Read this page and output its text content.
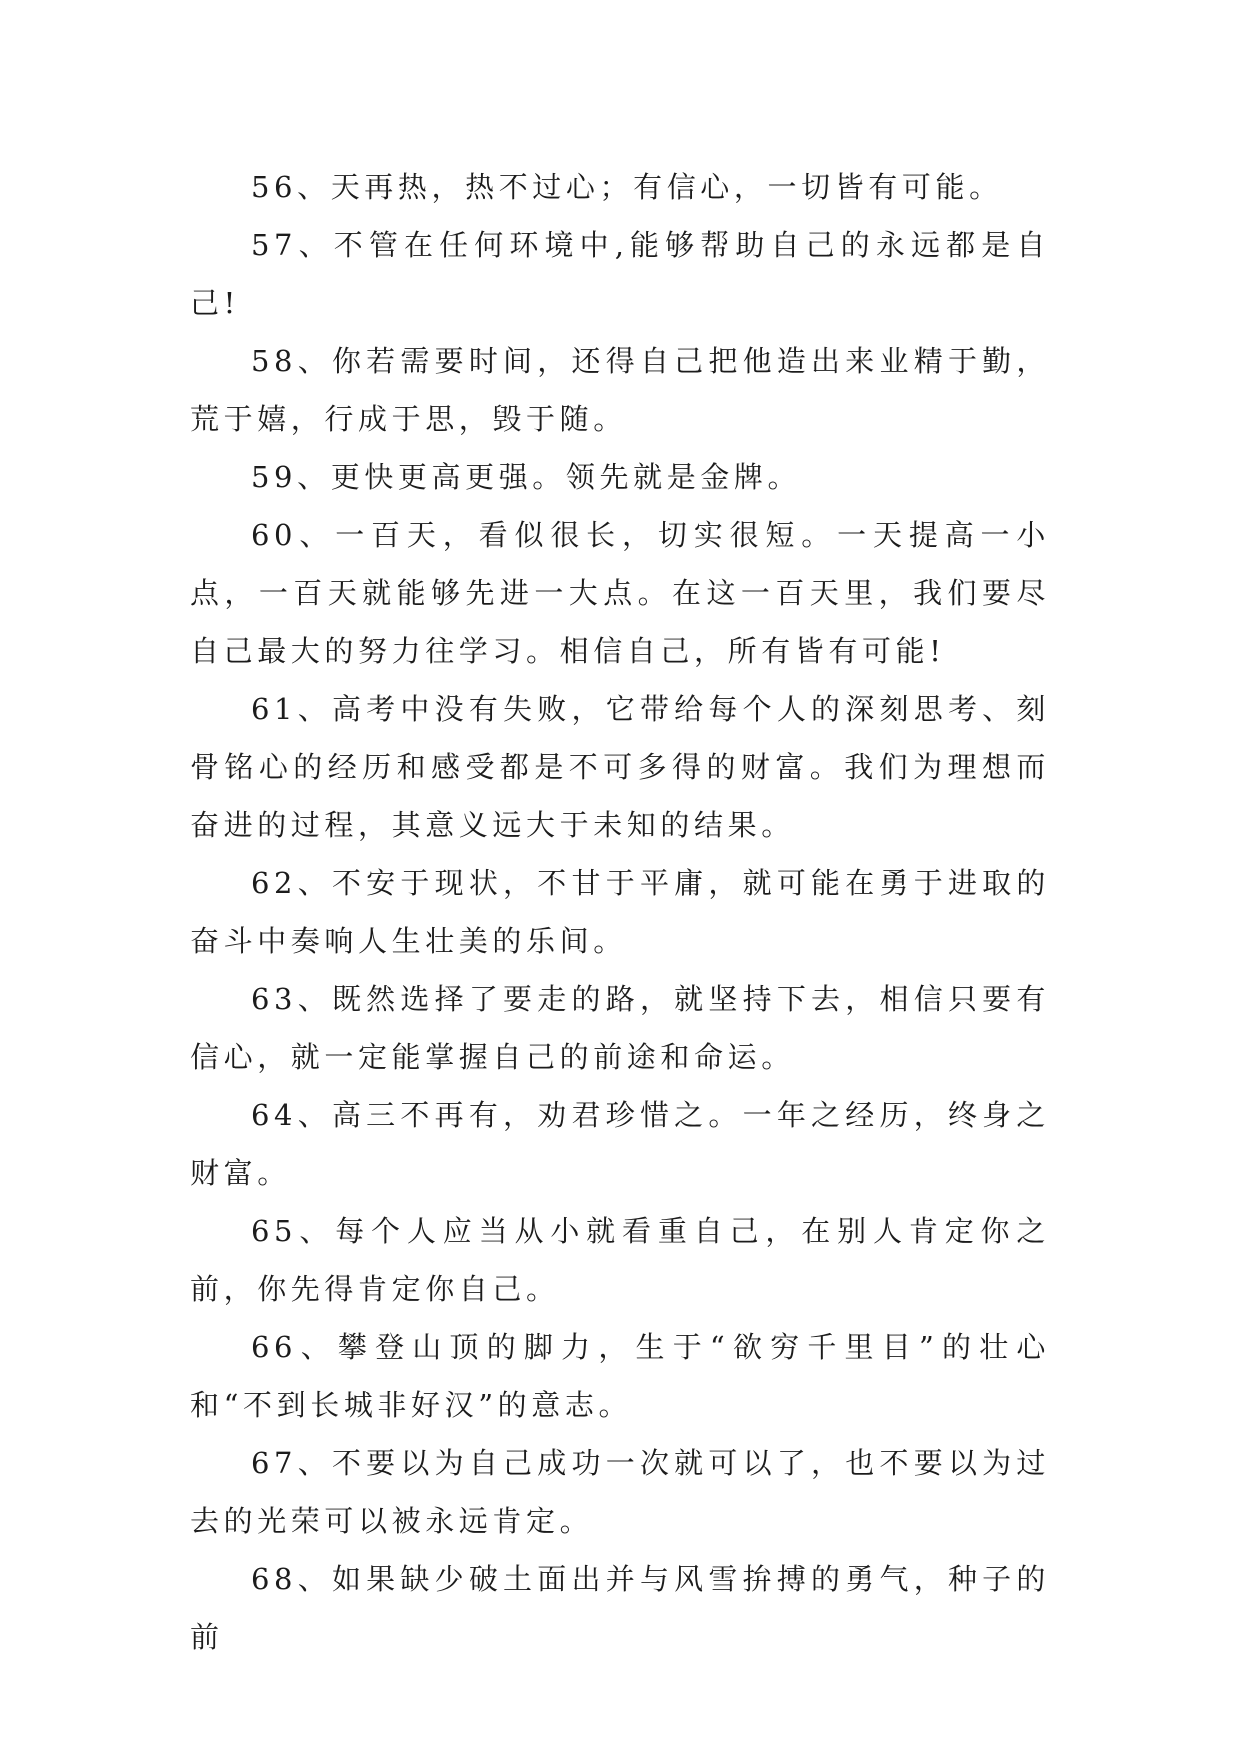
56、天再热，热不过心；有信心，一切皆有可能。

57、不管在任何环境中,能够帮助自己的永远都是自己!

58、你若需要时间，还得自己把他造出来业精于勤，荒于嬉，行成于思，毁于随。

59、更快更高更强。领先就是金牌。

60、一百天，看似很长，切实很短。一天提高一小点，一百天就能够先进一大点。在这一百天里，我们要尽自己最大的努力往学习。相信自己，所有皆有可能!

61、高考中没有失败，它带给每个人的深刻思考、刻骨铭心的经历和感受都是不可多得的财富。我们为理想而奋进的过程，其意义远大于未知的结果。

62、不安于现状，不甘于平庸，就可能在勇于进取的奋斗中奏响人生壮美的乐间。

63、既然选择了要走的路，就坚持下去，相信只要有信心，就一定能掌握自己的前途和命运。

64、高三不再有，劝君珍惜之。一年之经历，终身之财富。

65、每个人应当从小就看重自己，在别人肯定你之前，你先得肯定你自己。

66、攀登山顶的脚力，生于“欲穷千里目”的壮心和“不到长城非好汉”的意志。

67、不要以为自己成功一次就可以了，也不要以为过去的光荣可以被永远肯定。

68、如果缺少破土面出并与风雪拚搏的勇气，种子的前
